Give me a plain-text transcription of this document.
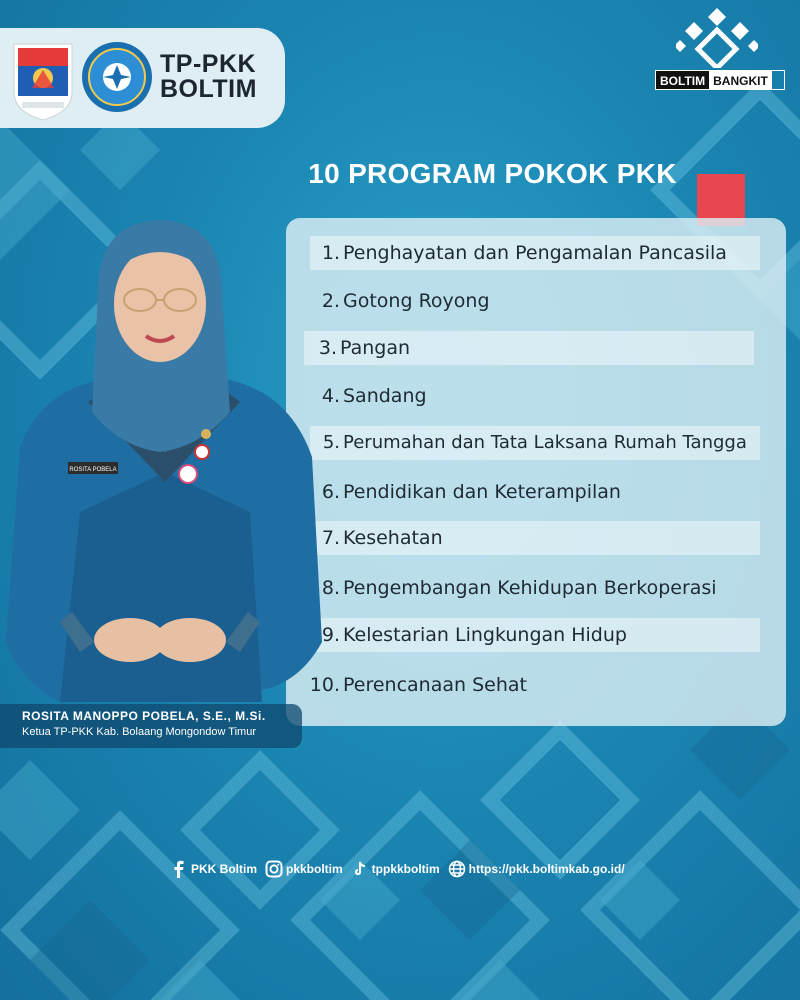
TP-PKK
BOLTIM	BOLTIM BANGKIT
10 PROGRAM POKOK PKK
1. Penghayatan dan Pengamalan Pancasila
2. Gotong Royong
3. Pangan
4. Sandang
5. Perumahan dan Tata Laksana Rumah Tangga
6. Pendidikan dan Keterampilan
7. Kesehatan
8. Pengembangan Kehidupan Berkoperasi
9. Kelestarian Lingkungan Hidup
10. Perencanaan Sehat
ROSITA POBELA
ROSITA MANOPPO POBELA, S.E., M.Si.
Ketua TP-PKK Kab. Bolaang Mongondow Timur
PKK Boltim pkkboltim tppkkboltim https://pkk.boltimkab.go.id/
